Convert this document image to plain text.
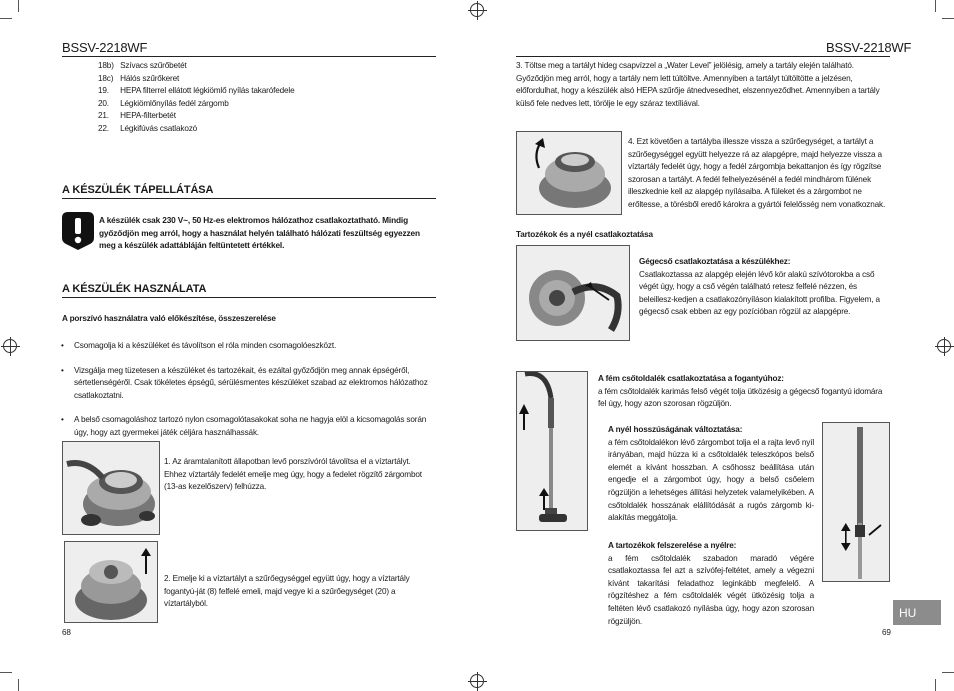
BSSV-2218WF
18b) Szívacs szűrőbetét
18c) Hálós szűrőkeret
19. HEPA filterrel ellátott légkiömlő nyílás takarófedele
20. Légkiömlőnyílás fedél zárgomb
21. HEPA-filterbetét
22. Légkifúvás csatlakozó
A KÉSZÜLÉK TÁPELLÁTÁSA
A készülék csak 230 V~, 50 Hz-es elektromos hálózathoz csatlakoztatható. Mindig győződjön meg arról, hogy a használat helyén található hálózati feszültség egyezzen meg a készülék adattábláján feltüntetett értékkel.
A KÉSZÜLÉK HASZNÁLATA
A porszívó használatra való előkészítése, összeszerelése
• Csomagolja ki a készüléket és távolítson el róla minden csomagolóeszközt.
• Vizsgálja meg tüzetesen a készüléket és tartozékait, és ezáltal győződjön meg annak épségéről, sértetlenségéről. Csak tökéletes épségű, sérülésmentes készüléket szabad az elektromos hálózathoz csatlakoztatni.
• A belső csomagoláshoz tartozó nylon csomagolótasakokat soha ne hagyja elöl a kicsomagolás során úgy, hogy azt gyermekei játék céljára használhassák.
1. Az áramtalanított állapotban levő porszívóról távolítsa el a víztartályt. Ehhez víztartály fedelét emelje meg úgy, hogy a fedelet rögzítő zárgombot (13-as kezelőszerv) felhúzza.
2. Emelje ki a víztartályt a szűrőegységgel együtt úgy, hogy a víztartály fogantyú-ját (8) felfelé emeli, majd vegye ki a szűrőegységet (20) a víztartályból.
68
BSSV-2218WF
3. Töltse meg a tartályt hideg csapvízzel a „Water Level” jelölésig, amely a tartály elején található. Győződjön meg arról, hogy a tartály nem lett túltöltve. Amennyiben a tartályt túltöltötte a jelzésen, előfordulhat, hogy a készülék alsó HEPA szűrője átnedvesedhet, elszennyeződhet. Amennyiben a tartály külső fele nedves lett, törölje le egy száraz textíliával.
4. Ezt követően a tartályba illessze vissza a szűrőegységet, a tartályt a szűrőegységgel együtt helyezze rá az alapgépre, majd helyezze vissza a víztartály fedelét úgy, hogy a fedél zárgombja bekattanjon és így rögzítse szorosan a tartályt. A fedél felhelyezésénél a fedél mindhárom fülének illeszkednie kell az alapgép nyílásaiba. A füleket és a zárgombot ne erőltesse, a törésből eredő károkra a gyártói felelősség nem vonatkoznak.
Tartozékok és a nyél csatlakoztatása
Gégecső csatlakoztatása a készülékhez:
Csatlakoztassa az alapgép elején lévő kör alakú szívótorokba a cső végét úgy, hogy a cső végén található retesz felfelé nézzen, és beleillesz-kedjen a csatlakozónyíláson kialakított profilba. Figyelem, a gégecső csak ebben az egy pozícióban rögzül az alapgépre.
A fém csőtoldalék csatlakoztatása a fogantyúhoz:
a fém csőtoldalék karimás felső végét tolja ütközésig a gégecső fogantyú idomára fel úgy, hogy azon szorosan rögzüljön.
A nyél hosszúságának változtatása:
a fém csőtoldalékon lévő zárgombot tolja el a rajta levő nyíl irányában, majd húzza ki a csőtoldalék teleszkópos belső elemét a kívánt hosszban. A csőhossz beállítása után engedje el a zárgombot úgy, hogy a belső csőelem rögzüljön a lehetséges állítási helyzetek valamelyikében. A csőtoldalék hosszának elállítódását a rugós zárgomb ki-alakítás meggátolja.
A tartozékok felszerelése a nyélre:
a fém csőtoldalék szabadon maradó végére csatlakoztassa fel azt a szívófej-feltétet, amely a végezni kívánt takarítási feladathoz leginkább megfelelő. A rögzítéshez a fém csőtoldalék végét ütközésig tolja a feltéten lévő csatlakozó nyílásba úgy, hogy azon szorosan rögzüljön.
HU
69
